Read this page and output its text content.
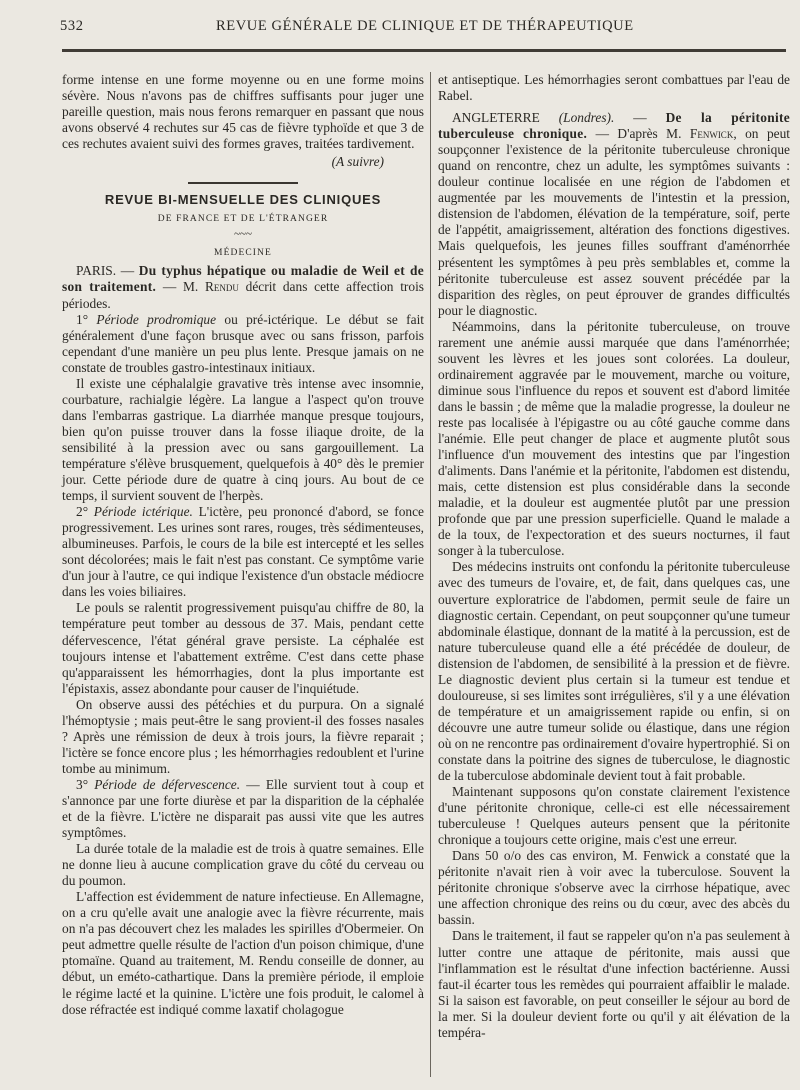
532	REVUE GÉNÉRALE DE CLINIQUE ET DE THÉRAPEUTIQUE

forme intense en une forme moyenne ou en une forme moins sévère. Nous n'avons pas de chiffres suffisants pour juger une pareille question, mais nous ferons remarquer en passant que nous avons observé 4 rechutes sur 45 cas de fièvre typhoïde et que 3 de ces rechutes avaient suivi des formes graves, traitées tardivement.

(A suivre)

REVUE BI-MENSUELLE DES CLINIQUES
DE FRANCE ET DE L'ÉTRANGER
~~~
MÉDECINE

PARIS. — Du typhus hépatique ou maladie de Weil et de son traitement. — M. Rendu décrit dans cette affection trois périodes.

1° Période prodromique ou pré-ictérique. Le début se fait généralement d'une façon brusque avec ou sans frisson, parfois cependant d'une manière un peu plus lente. Presque jamais on ne constate de troubles gastro-intestinaux initiaux.

Il existe une céphalalgie gravative très intense avec insomnie, courbature, rachialgie légère. La langue a l'aspect qu'on trouve dans l'embarras gastrique. La diarrhée manque presque toujours, bien qu'on puisse trouver dans la fosse iliaque droite, de la sensibilité à la pression avec ou sans gargouillement. La température s'élève brusquement, quelquefois à 40° dès le premier jour. Cette période dure de quatre à cinq jours. Au bout de ce temps, il survient souvent de l'herpès.

2° Période ictérique. L'ictère, peu prononcé d'abord, se fonce progressivement. Les urines sont rares, rouges, très sédimenteuses, albumineuses. Parfois, le cours de la bile est intercepté et les selles sont décolorées; mais le fait n'est pas constant. Ce symptôme varie d'un jour à l'autre, ce qui indique l'existence d'un obstacle médiocre dans les voies biliaires.

Le pouls se ralentit progressivement puisqu'au chiffre de 80, la température peut tomber au dessous de 37. Mais, pendant cette défervescence, l'état général grave persiste. La céphalée est toujours intense et l'abattement extrême. C'est dans cette phase qu'apparaissent les hémorrhagies, dont la plus importante est l'épistaxis, assez abondante pour causer de l'inquiétude.

On observe aussi des pétéchies et du purpura. On a signalé l'hémoptysie ; mais peut-être le sang provient-il des fosses nasales ? Après une rémission de deux à trois jours, la fièvre reparait ; l'ictère se fonce encore plus ; les hémorrhagies redoublent et l'urine tombe au minimum.

3° Période de défervescence. — Elle survient tout à coup et s'annonce par une forte diurèse et par la disparition de la céphalée et de la fièvre. L'ictère ne disparait pas aussi vite que les autres symptômes.

La durée totale de la maladie est de trois à quatre semaines. Elle ne donne lieu à aucune complication grave du côté du cerveau ou du poumon.

L'affection est évidemment de nature infectieuse. En Allemagne, on a cru qu'elle avait une analogie avec la fièvre récurrente, mais on n'a pas découvert chez les malades les spirilles d'Obermeier. On peut admettre quelle résulte de l'action d'un poison chimique, d'une ptomaïne. Quand au traitement, M. Rendu conseille de donner, au début, un eméto-cathartique. Dans la première période, il emploie le régime lacté et la quinine. L'ictère une fois produit, le calomel à dose réfractée est indiqué comme laxatif cholagogue

et antiseptique. Les hémorrhagies seront combattues par l'eau de Rabel.

ANGLETERRE (Londres). — De la péritonite tuberculeuse chronique. — D'après M. Fenwick, on peut soupçonner l'existence de la péritonite tuberculeuse chronique quand on rencontre, chez un adulte, les symptômes suivants : douleur continue localisée en une région de l'abdomen et augmentée par les mouvements de l'intestin et la pression, distension de l'abdomen, élévation de la température, soif, perte de l'appétit, amaigrissement, altération des fonctions digestives. Mais quelquefois, les jeunes filles souffrant d'aménorrhée présentent les symptômes à peu près semblables et, comme la péritonite tuberculeuse est assez souvent précédée par la disparition des règles, on peut éprouver de grandes difficultés pour le diagnostic.

Néammoins, dans la péritonite tuberculeuse, on trouve rarement une anémie aussi marquée que dans l'aménorrhée; souvent les lèvres et les joues sont colorées. La douleur, ordinairement aggravée par le mouvement, marche ou voiture, diminue sous l'influence du repos et souvent est d'abord limitée dans le bassin ; de même que la maladie progresse, la douleur ne reste pas localisée à l'épigastre ou au côté gauche comme dans l'anémie. Elle peut changer de place et augmente plutôt sous l'influence d'un mouvement des intestins que par l'ingestion d'aliments. Dans l'anémie et la péritonite, l'abdomen est distendu, mais, cette distension est plus considérable dans la seconde maladie, et la douleur est augmentée plutôt par une pression profonde que par une pression superficielle. Quand le malade a de la toux, de l'expectoration et des sueurs nocturnes, il faut songer à la tuberculose.

Des médecins instruits ont confondu la péritonite tuberculeuse avec des tumeurs de l'ovaire, et, de fait, dans quelques cas, une ouverture exploratrice de l'abdomen, permit seule de faire un diagnostic certain. Cependant, on peut soupçonner qu'une tumeur abdominale élastique, donnant de la matité à la percussion, est de nature tuberculeuse quand elle a été précédée de douleur, de distension de l'abdomen, de sensibilité à la pression et de fièvre. Le diagnostic devient plus certain si la tumeur est tendue et douloureuse, si ses limites sont irrégulières, s'il y a une élévation de température et un amaigrissement rapide ou enfin, si on découvre une autre tumeur solide ou élastique, dans une région où on ne rencontre pas ordinairement d'ovaire hypertrophié. Si on constate dans la poitrine des signes de tuberculose, le diagnostic de la tuberculose abdominale devient tout à fait probable.

Maintenant supposons qu'on constate clairement l'existence d'une péritonite chronique, celle-ci est elle nécessairement tuberculeuse ! Quelques auteurs pensent que la péritonite chronique a toujours cette origine, mais c'est une erreur.

Dans 50 o/o des cas environ, M. Fenwick a constaté que la péritonite n'avait rien à voir avec la tuberculose. Souvent la péritonite chronique s'observe avec la cirrhose hépatique, avec une affection chronique des reins ou du cœur, avec des abcès du bassin.

Dans le traitement, il faut se rappeler qu'on n'a pas seulement à lutter contre une attaque de péritonite, mais aussi que l'inflammation est le résultat d'une infection bactérienne. Aussi faut-il écarter tous les remèdes qui pourraient affaiblir le malade. Si la saison est favorable, on peut conseiller le séjour au bord de la mer. Si la douleur devient forte ou qu'il y ait élévation de la tempéra-
